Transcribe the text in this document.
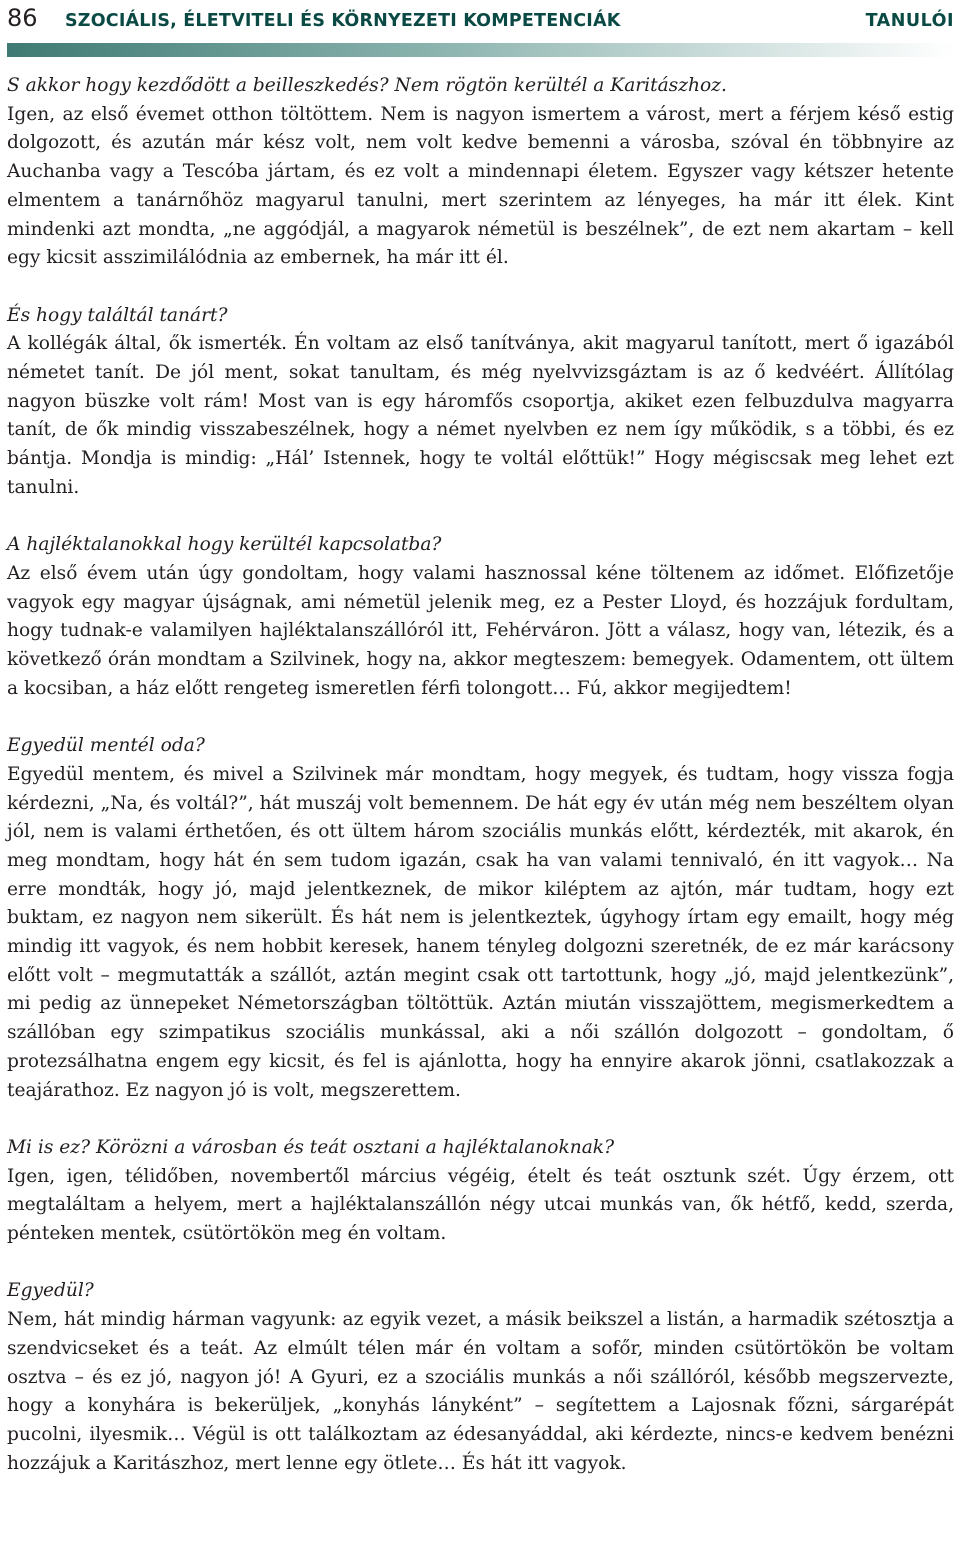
86	SZOCIÁLIS, ÉLETVITELI ÉS KÖRNYEZETI KOMPETENCIÁK	TANULÓI

S akkor hogy kezdődött a beilleszkedés? Nem rögtön kerültél a Karitászhoz.

Igen, az első évemet otthon töltöttem. Nem is nagyon ismertem a várost, mert a férjem késő estig dolgozott, és azután már kész volt, nem volt kedve bemenni a városba, szóval én többnyire az Auchanba vagy a Tescóba jártam, és ez volt a mindennapi életem. Egyszer vagy kétszer hetente elmentem a tanárnőhöz magyarul tanulni, mert szerintem az lényeges, ha már itt élek. Kint mindenki azt mondta, „ne aggódjál, a magyarok németül is beszélnek”, de ezt nem akartam – kell egy kicsit asszimilálódnia az embernek, ha már itt él.

És hogy találtál tanárt?

A kollégák által, ők ismerték. Én voltam az első tanítványa, akit magyarul tanított, mert ő igazából németet tanít. De jól ment, sokat tanultam, és még nyelvvizsgáztam is az ő kedvéért. Állítólag nagyon büszke volt rám! Most van is egy háromfős csoportja, akiket ezen felbuzdulva magyarra tanít, de ők mindig visszabeszélnek, hogy a német nyelvben ez nem így működik, s a többi, és ez bántja. Mondja is mindig: „Hál’ Istennek, hogy te voltál előttük!” Hogy mégiscsak meg lehet ezt tanulni.

A hajléktalanokkal hogy kerültél kapcsolatba?

Az első évem után úgy gondoltam, hogy valami hasznossal kéne töltenem az időmet. Előfizetője vagyok egy magyar újságnak, ami németül jelenik meg, ez a Pester Lloyd, és hozzájuk fordultam, hogy tudnak-e valamilyen hajléktalanszállóról itt, Fehérváron. Jött a válasz, hogy van, létezik, és a következő órán mondtam a Szilvinek, hogy na, akkor megteszem: bemegyek. Odamentem, ott ültem a kocsiban, a ház előtt rengeteg ismeretlen férfi tolongott… Fú, akkor megijedtem!

Egyedül mentél oda?

Egyedül mentem, és mivel a Szilvinek már mondtam, hogy megyek, és tudtam, hogy vissza fogja kérdezni, „Na, és voltál?”, hát muszáj volt bemennem. De hát egy év után még nem beszéltem olyan jól, nem is valami érthetően, és ott ültem három szociális munkás előtt, kérdezték, mit akarok, én meg mondtam, hogy hát én sem tudom igazán, csak ha van valami tennivaló, én itt vagyok… Na erre mondták, hogy jó, majd jelentkeznek, de mikor kiléptem az ajtón, már tudtam, hogy ezt buktam, ez nagyon nem sikerült. És hát nem is jelentkeztek, úgyhogy írtam egy emailt, hogy még mindig itt vagyok, és nem hobbit keresek, hanem tényleg dolgozni szeretnék, de ez már karácsony előtt volt – megmutatták a szállót, aztán megint csak ott tartottunk, hogy „jó, majd jelentkezünk”, mi pedig az ünnepeket Németországban töltöttük. Aztán miután visszajöttem, megismerkedtem a szállóban egy szimpatikus szociális munkással, aki a női szállón dolgozott – gondoltam, ő protezsálhatna engem egy kicsit, és fel is ajánlotta, hogy ha ennyire akarok jönni, csatlakozzak a teajárathoz. Ez nagyon jó is volt, megszerettem.

Mi is ez? Körözni a városban és teát osztani a hajléktalanoknak?

Igen, igen, télidőben, novembertől március végéig, ételt és teát osztunk szét. Úgy érzem, ott megtaláltam a helyem, mert a hajléktalanszállón négy utcai munkás van, ők hétfő, kedd, szerda, pénteken mentek, csütörtökön meg én voltam.

Egyedül?

Nem, hát mindig hárman vagyunk: az egyik vezet, a másik beikszel a listán, a harmadik szétosztja a szendvicseket és a teát. Az elmúlt télen már én voltam a sofőr, minden csütörtökön be voltam osztva – és ez jó, nagyon jó! A Gyuri, ez a szociális munkás a női szállóról, később megszervezte, hogy a konyhára is bekerüljek, „konyhás lányként” – segítettem a Lajosnak főzni, sárgarépát pucolni, ilyesmik… Végül is ott találkoztam az édesanyáddal, aki kérdezte, nincs-e kedvem benézni hozzájuk a Karitászhoz, mert lenne egy ötlete… És hát itt vagyok.
